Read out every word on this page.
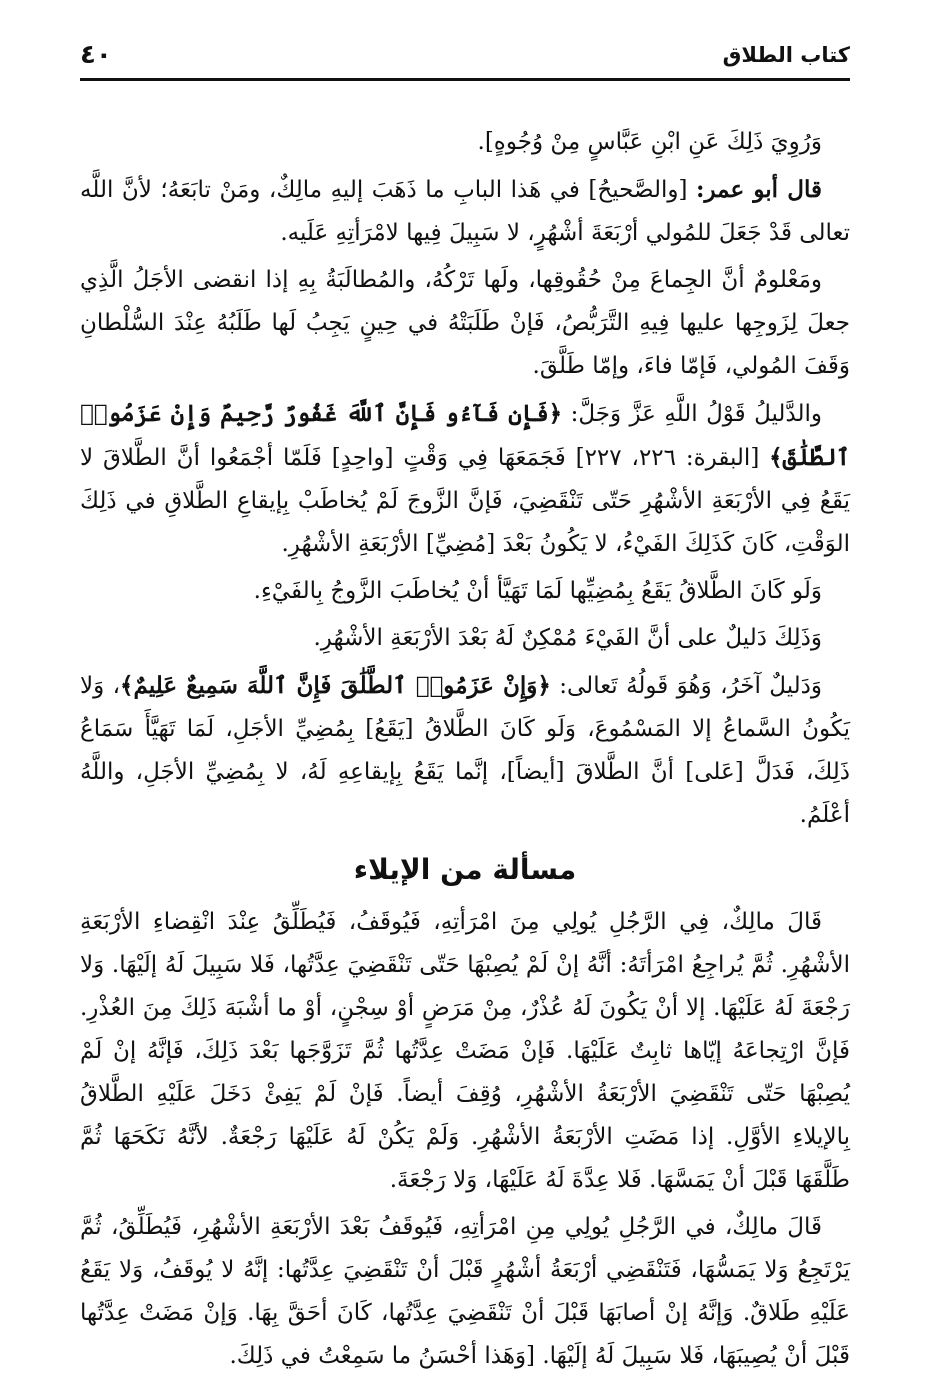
كتاب الطلاق
٤٠

وَرُوِيَ ذَلِكَ عَنِ ابْنِ عَبَّاسٍ مِنْ وُجُوهٍ].

قال أبو عمر: [والصَّحيحُ] في هَذا البابِ ما ذَهَبَ إليهِ مالِكٌ، ومَنْ تابَعَهُ؛ لأنَّ اللَّه تعالى قَدْ جَعَلَ للمُولي أرْبَعَةَ أشْهُرٍ، لا سَبِيلَ فِيها لامْرَأتِهِ عَلَيه.

ومَعْلومٌ أنَّ الجِماعَ مِنْ حُقُوقِها، ولَها تَرْكُهُ، والمُطالَبَةُ بِهِ إذا انقضى الأجَلُ الَّذِي جعلَ لِزَوجِها عليها فِيهِ التَّرَبُّصُ، فَإنْ طَلَبَتْهُ في حِينٍ يَجِبُ لَها طَلَبُهُ عِنْدَ السُّلْطانِ وَقَفَ المُولي، فَإمّا فاءَ، وإمّا طَلَّقَ.

والدَّليلُ قَوْلُ اللَّهِ عَزَّ وَجَلَّ: ﴿فَإِن فَآءُو فَإِنَّ ٱللَّهَ غَفُورٌ رَّحِيمٌ وَإِنْ عَزَمُوا۟ ٱلطَّلَٰقَ﴾ [البقرة: ٢٢٦، ٢٢٧] فَجَمَعَهَا فِي وَقْتٍ [واحِدٍ] فَلَمّا أجْمَعُوا أنَّ الطَّلاقَ لا يَقَعُ فِي الأرْبَعَةِ الأشْهُرِ حَتّى تَنْقَضِيَ، فَإنَّ الزَّوجَ لَمْ يُخاطَبْ بِإيقاعِ الطَّلاقِ في ذَلِكَ الوَقْتِ، كَانَ كَذَلِكَ الفَيْءُ، لا يَكُونُ بَعْدَ [مُضِيِّ] الأرْبَعَةِ الأشْهُرِ.

وَلَو كَانَ الطَّلاقُ يَقَعُ بِمُضِيِّها لَمَا تَهَيَّأ أنْ يُخاطَبَ الزَّوجُ بِالفَيْءِ.

وَذَلِكَ دَليلٌ على أنَّ الفَيْءَ مُمْكِنٌ لَهُ بَعْدَ الأرْبَعَةِ الأشْهُرِ.

وَدَليلٌ آخَرُ، وَهُوَ قَولُهُ تَعالى: ﴿وَإِنْ عَزَمُوا۟ ٱلطَّلَٰقَ فَإِنَّ ٱللَّهَ سَمِيعٌ عَلِيمٌ﴾، وَلا يَكُونُ السَّماعُ إلا المَسْمُوعَ، وَلَو كَانَ الطَّلاقُ [يَقَعُ] بِمُضِيِّ الأجَلِ، لَمَا تَهَيَّأَ سَمَاعُ ذَلِكَ، فَدَلَّ [عَلى] أنَّ الطَّلاقَ [أيضاً]، إنَّما يَقَعُ بِإيقاعِهِ لَهُ، لا بِمُضِيِّ الأجَلِ، واللَّهُ أعْلَمُ.

مسألة من الإيلاء

قَالَ مالِكٌ، فِي الرَّجُلِ يُولِي مِنَ امْرَأتِهِ، فَيُوقَفُ، فَيُطَلِّقُ عِنْدَ انْقِضاءِ الأرْبَعَةِ الأشْهُرِ. ثُمَّ يُراجِعُ امْرَأتَهُ: أنَّهُ إنْ لَمْ يُصِبْهَا حَتّى تَنْقَضِيَ عِدَّتُها، فَلا سَبِيلَ لَهُ إلَيْهَا. وَلا رَجْعَةَ لَهُ عَلَيْهَا. إلا أنْ يَكُونَ لَهُ عُذْرٌ، مِنْ مَرَضٍ أوْ سِجْنٍ، أوْ ما أشْبَهَ ذَلِكَ مِنَ العُذْرِ. فَإنَّ ارْتِجاعَهُ إيّاها ثابِتٌ عَلَيْهَا. فَإنْ مَضَتْ عِدَّتُها ثُمَّ تَزَوَّجَها بَعْدَ ذَلِكَ، فَإنَّهُ إنْ لَمْ يُصِبْهَا حَتّى تَنْقَضِيَ الأرْبَعَةُ الأشْهُرِ، وُقِفَ أيضاً. فَإنْ لَمْ يَفِئْ دَخَلَ عَلَيْهِ الطَّلاقُ بِالإيلاءِ الأوَّلِ. إذا مَضَتِ الأرْبَعَةُ الأشْهُرِ. وَلَمْ يَكُنْ لَهُ عَلَيْهَا رَجْعَةٌ. لأنَّهُ نَكَحَهَا ثُمَّ طَلَّقَهَا قَبْلَ أنْ يَمَسَّهَا. فَلا عِدَّةَ لَهُ عَلَيْهَا، وَلا رَجْعَةَ.

قَالَ مالِكٌ، في الرَّجُلِ يُولِي مِنِ امْرَأتِهِ، فَيُوقَفُ بَعْدَ الأرْبَعَةِ الأشْهُرِ، فَيُطَلِّقُ، ثُمَّ يَرْتَجِعُ وَلا يَمَسُّهَا، فَتَنْقَضِي أرْبَعَةُ أشْهُرٍ قَبْلَ أنْ تَنْقَضِيَ عِدَّتُها: إنَّهُ لا يُوقَفُ، وَلا يَقَعُ عَلَيْهِ طَلاقٌ. وَإنَّهُ إنْ أصابَهَا قَبْلَ أنْ تَنْقَضِيَ عِدَّتُها، كَانَ أحَقَّ بِهَا. وَإنْ مَضَتْ عِدَّتُها قَبْلَ أنْ يُصِيبَهَا، فَلا سَبِيلَ لَهُ إلَيْهَا. [وَهَذا أحْسَنُ ما سَمِعْتُ في ذَلِكَ.
